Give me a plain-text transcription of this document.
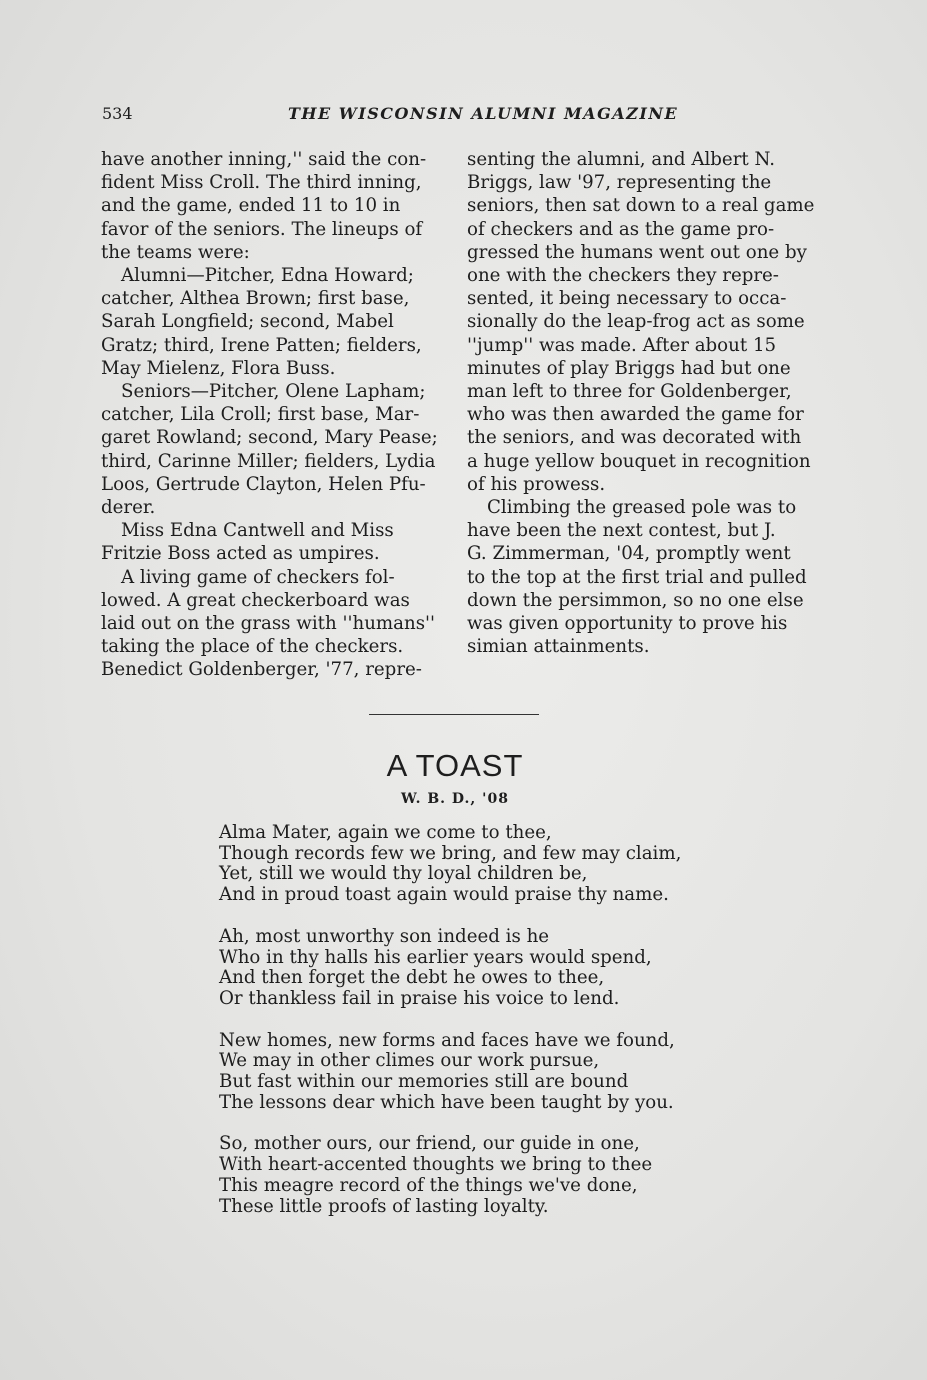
534	THE WISCONSIN ALUMNI MAGAZINE

have another inning,'' said the con-
fident Miss Croll. The third inning,
and the game, ended 11 to 10 in
favor of the seniors. The lineups of
the teams were:

Alumni—Pitcher, Edna Howard;
catcher, Althea Brown; first base,
Sarah Longfield; second, Mabel
Gratz; third, Irene Patten; fielders,
May Mielenz, Flora Buss.

Seniors—Pitcher, Olene Lapham;
catcher, Lila Croll; first base, Mar-
garet Rowland; second, Mary Pease;
third, Carinne Miller; fielders, Lydia
Loos, Gertrude Clayton, Helen Pfu-
derer.

Miss Edna Cantwell and Miss
Fritzie Boss acted as umpires.

A living game of checkers fol-
lowed. A great checkerboard was
laid out on the grass with ''humans''
taking the place of the checkers.
Benedict Goldenberger, '77, repre-

senting the alumni, and Albert N.
Briggs, law '97, representing the
seniors, then sat down to a real game
of checkers and as the game pro-
gressed the humans went out one by
one with the checkers they repre-
sented, it being necessary to occa-
sionally do the leap-frog act as some
''jump'' was made. After about 15
minutes of play Briggs had but one
man left to three for Goldenberger,
who was then awarded the game for
the seniors, and was decorated with
a huge yellow bouquet in recognition
of his prowess.

Climbing the greased pole was to
have been the next contest, but J.
G. Zimmerman, '04, promptly went
to the top at the first trial and pulled
down the persimmon, so no one else
was given opportunity to prove his
simian attainments.

A TOAST
W. B. D., '08
Alma Mater, again we come to thee,
Though records few we bring, and few may claim,
Yet, still we would thy loyal children be,
And in proud toast again would praise thy name.
Ah, most unworthy son indeed is he
Who in thy halls his earlier years would spend,
And then forget the debt he owes to thee,
Or thankless fail in praise his voice to lend.
New homes, new forms and faces have we found,
We may in other climes our work pursue,
But fast within our memories still are bound
The lessons dear which have been taught by you.
So, mother ours, our friend, our guide in one,
With heart-accented thoughts we bring to thee
This meagre record of the things we've done,
These little proofs of lasting loyalty.
